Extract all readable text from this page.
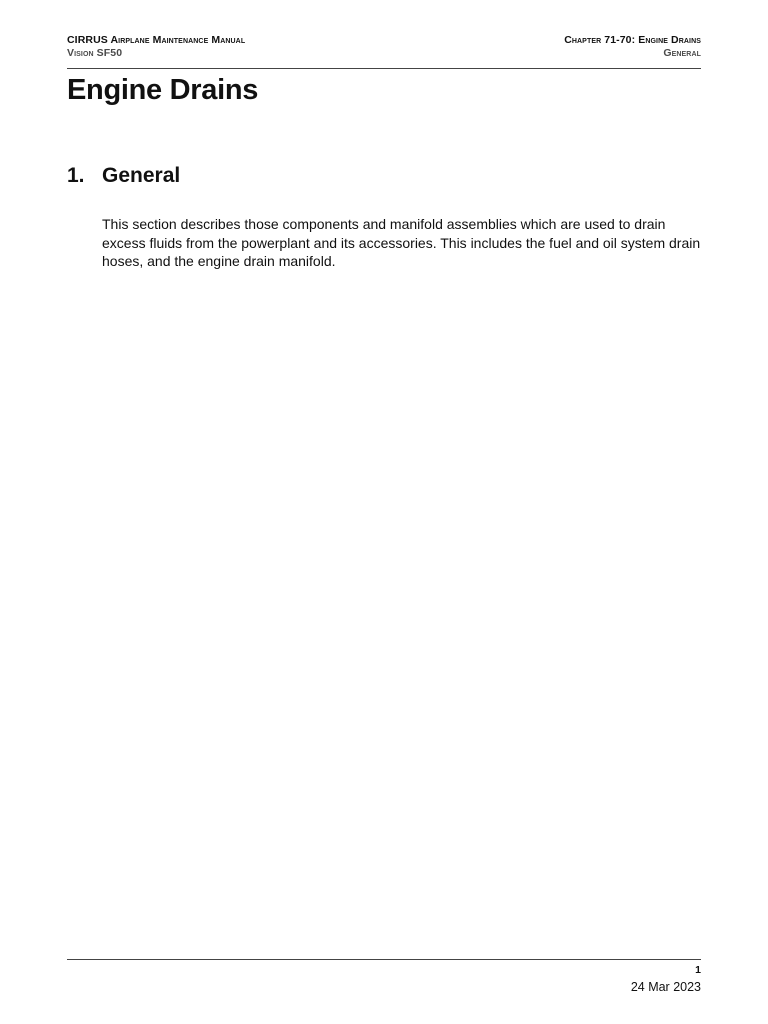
CIRRUS Airplane Maintenance Manual
Vision SF50
Chapter 71-70: Engine Drains
General
Engine Drains
1. General

This section describes those components and manifold assemblies which are used to drain excess fluids from the powerplant and its accessories. This includes the fuel and oil system drain hoses, and the engine drain manifold.

1
24 Mar 2023
